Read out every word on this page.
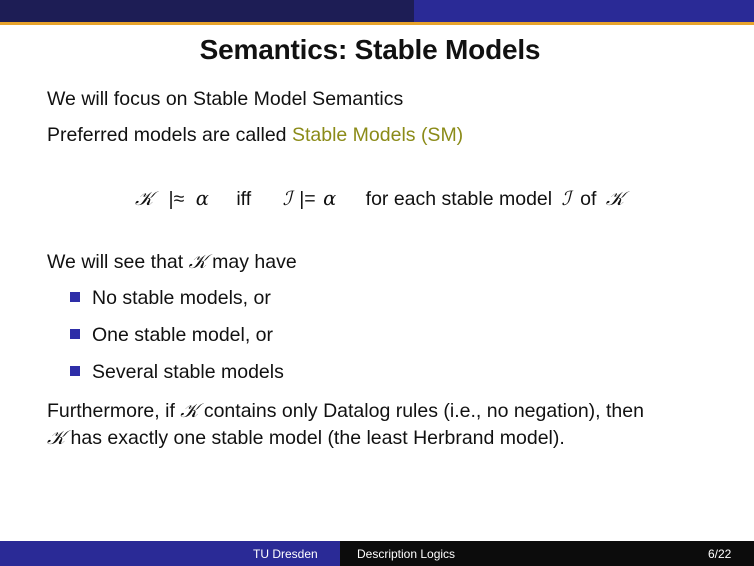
Semantics: Stable Models
We will focus on Stable Model Semantics
Preferred models are called Stable Models (SM)
𝒦 |≈ α iff ℐ |= α for each stable model ℐ of 𝒦
We will see that 𝒦 may have
No stable models, or
One stable model, or
Several stable models
Furthermore, if 𝒦 contains only Datalog rules (i.e., no negation), then
𝒦 has exactly one stable model (the least Herbrand model).
TU Dresden	Description Logics	6/22
